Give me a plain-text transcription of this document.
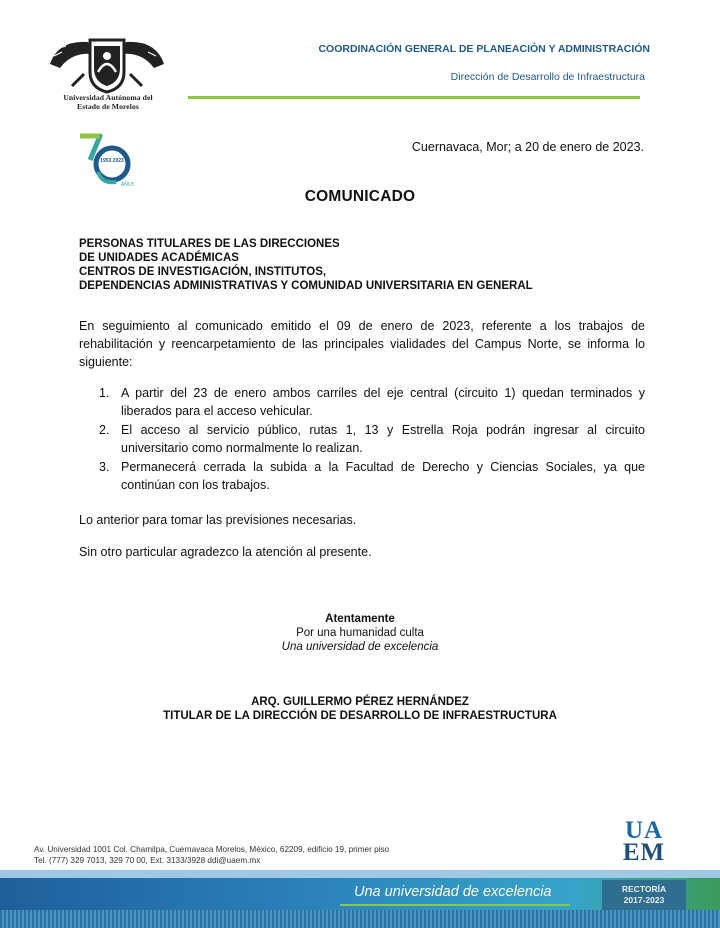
Universidad Autónoma del
Estado de Morelos
COORDINACIÓN GENERAL DE PLANEACIÓN Y ADMINISTRACIÓN
Dirección de Desarrollo de Infraestructura
1953 2023
AÑOS
Cuernavaca, Mor; a 20 de enero de 2023.
COMUNICADO
PERSONAS TITULARES DE LAS DIRECCIONES
DE UNIDADES ACADÉMICAS
CENTROS DE INVESTIGACIÓN, INSTITUTOS,
DEPENDENCIAS ADMINISTRATIVAS Y COMUNIDAD UNIVERSITARIA EN GENERAL

En seguimiento al comunicado emitido el 09 de enero de 2023, referente a los trabajos de rehabilitación y reencarpetamiento de las principales vialidades del Campus Norte, se informa lo siguiente:

1. A partir del 23 de enero ambos carriles del eje central (circuito 1) quedan terminados y liberados para el acceso vehicular.
2. El acceso al servicio público, rutas 1, 13 y Estrella Roja podrán ingresar al circuito universitario como normalmente lo realizan.
3. Permanecerá cerrada la subida a la Facultad de Derecho y Ciencias Sociales, ya que continúan con los trabajos.

Lo anterior para tomar las previsiones necesarias.

Sin otro particular agradezco la atención al presente.

Atentamente
Por una humanidad culta
Una universidad de excelencia
ARQ. GUILLERMO PÉREZ HERNÁNDEZ
TITULAR DE LA DIRECCIÓN DE DESARROLLO DE INFRAESTRUCTURA
Av. Universidad 1001 Col. Chamilpa, Cuernavaca Morelos, México, 62209, edificio 19, primer piso
Tel. (777) 329 7013, 329 70 00, Ext. 3133/3928 ddi@uaem.mx
UA
EM
Una universidad de excelencia	RECTORÍA
2017-2023
